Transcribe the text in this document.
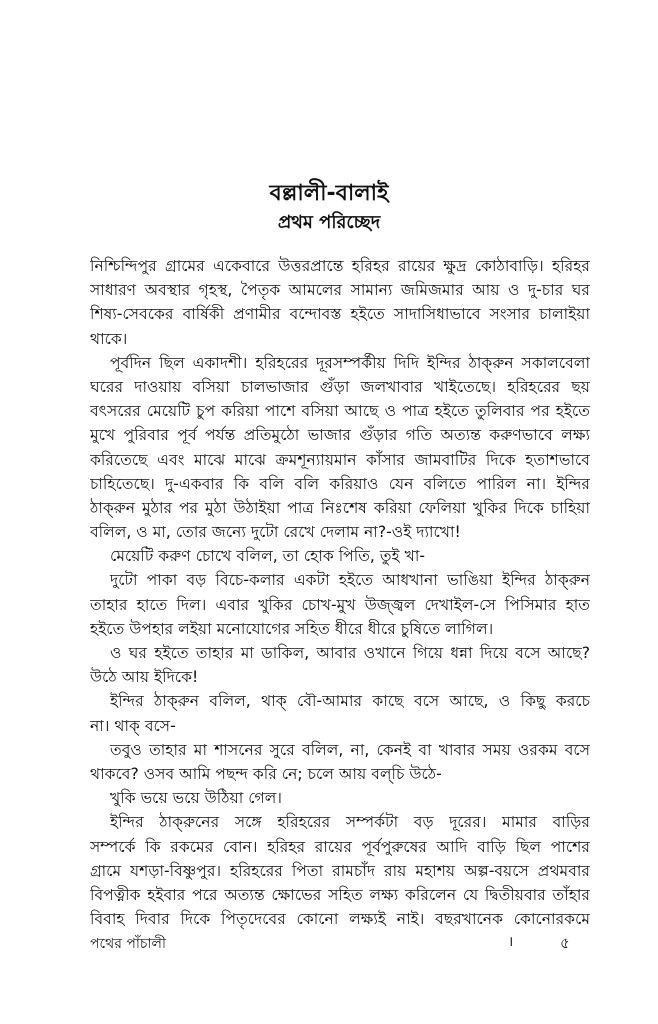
বল্লালী-বালাই
প্রথম পরিচ্ছেদ
নিশ্চিন্দিপুর গ্রামের একেবারে উত্তরপ্রান্তে হরিহর রায়ের ক্ষুদ্র কোঠাবাড়ি। হরিহর
সাধারণ অবস্থার গৃহস্থ, পৈতৃক আমলের সামান্য জমিজমার আয় ও দু-চার ঘর
শিষ্য-সেবকের বার্ষিকী প্রণামীর বন্দোবস্ত হইতে সাদাসিধাভাবে সংসার চালাইয়া
থাকে।
পূর্বদিন ছিল একাদশী। হরিহরের দূরসম্পর্কীয় দিদি ইন্দির ঠাক্‌রুন সকালবেলা
ঘরের দাওয়ায় বসিয়া চালভাজার গুঁড়া জলখাবার খাইতেছে। হরিহরের ছয়
বৎসরের মেয়েটি চুপ করিয়া পাশে বসিয়া আছে ও পাত্র হইতে তুলিবার পর হইতে
মুখে পুরিবার পূর্ব পর্যন্ত প্রতিমুঠো ভাজার গুঁড়ার গতি অত্যন্ত করুণভাবে লক্ষ্য
করিতেছে এবং মাঝে মাঝে ক্রমশূন্যায়মান কাঁসার জামবাটির দিকে হতাশভাবে
চাহিতেছে। দু-একবার কি বলি বলি করিয়াও যেন বলিতে পারিল না। ইন্দির
ঠাক্‌রুন মুঠার পর মুঠা উঠাইয়া পাত্র নিঃশেষ করিয়া ফেলিয়া খুকির দিকে চাহিয়া
বলিল, ও মা, তোর জন্যে দুটো রেখে দেলাম না?-ওই দ্যাখো!
মেয়েটি করুণ চোখে বলিল, তা হোক পিতি, তুই খা-
দুটো পাকা বড় বিচে-কলার একটা হইতে আধখানা ভাঙিয়া ইন্দির ঠাক্‌রুন
তাহার হাতে দিল। এবার খুকির চোখ-মুখ উজ্জ্বল দেখাইল-সে পিসিমার হাত
হইতে উপহার লইয়া মনোযোগের সহিত ধীরে ধীরে চুষিতে লাগিল।
ও ঘর হইতে তাহার মা ডাকিল, আবার ওখানে গিয়ে ধন্না দিয়ে বসে আছে?
উঠে আয় ইদিকে!
ইন্দির ঠাক্‌রুন বলিল, থাক্‌ বৌ-আমার কাছে বসে আছে, ও কিছু করচে
না। থাক্‌ বসে-
তবুও তাহার মা শাসনের সুরে বলিল, না, কেনই বা খাবার সময় ওরকম বসে
থাকবে? ওসব আমি পছন্দ করি নে; চলে আয় বল্‌চি উঠে-
খুকি ভয়ে ভয়ে উঠিয়া গেল।
ইন্দির ঠাক্‌রুনের সঙ্গে হরিহরের সম্পর্কটা বড় দূরের। মামার বাড়ির
সম্পর্কে কি রকমের বোন। হরিহর রায়ের পূর্বপুরুষের আদি বাড়ি ছিল পাশের
গ্রামে যশড়া-বিষ্ণুপুর। হরিহরের পিতা রামচাঁদ রায় মহাশয় অল্প-বয়সে প্রথমবার
বিপত্নীক হইবার পরে অত্যন্ত ক্ষোভের সহিত লক্ষ্য করিলেন যে দ্বিতীয়বার তাঁহার
বিবাহ দিবার দিকে পিতৃদেবের কোনো লক্ষ্যই নাই। বছরখানেক কোনোরকমে
পথের পাঁচালী	।	৫
